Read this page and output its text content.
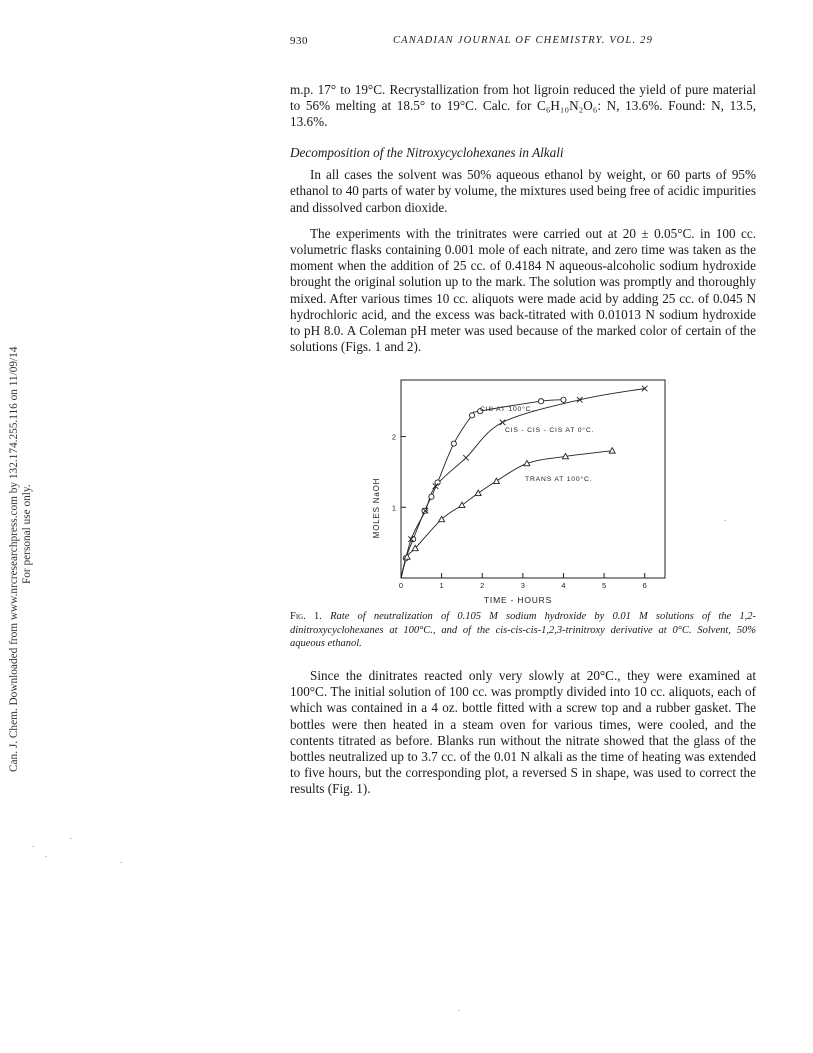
Can. J. Chem. Downloaded from www.nrcresearchpress.com by 132.174.255.116 on 11/09/14 For personal use only.
930	CANADIAN JOURNAL OF CHEMISTRY. VOL. 29

m.p. 17° to 19°C. Recrystallization from hot ligroin reduced the yield of pure material to 56% melting at 18.5° to 19°C. Calc. for C₆H₁₀N₂O₆: N, 13.6%. Found: N, 13.5, 13.6%.

Decomposition of the Nitroxycyclohexanes in Alkali

In all cases the solvent was 50% aqueous ethanol by weight, or 60 parts of 95% ethanol to 40 parts of water by volume, the mixtures used being free of acidic impurities and dissolved carbon dioxide.

The experiments with the trinitrates were carried out at 20 ± 0.05°C. in 100 cc. volumetric flasks containing 0.001 mole of each nitrate, and zero time was taken as the moment when the addition of 25 cc. of 0.4184 N aqueous-alcoholic sodium hydroxide brought the original solution up to the mark. The solution was promptly and thoroughly mixed. After various times 10 cc. aliquots were made acid by adding 25 cc. of 0.045 N hydrochloric acid, and the excess was back-titrated with 0.01013 N sodium hydroxide to pH 8.0. A Coleman pH meter was used because of the marked color of certain of the solutions (Figs. 1 and 2).

0	1	2	3	4	5	6
1
2
CIS AT 100°C.
CIS - CIS - CIS AT 0°C.
TRANS AT 100°C.
TIME - HOURS
MOLES NaOH
Fig. 1. Rate of neutralization of 0.105 M sodium hydroxide by 0.01 M solutions of the 1,2-dinitroxycyclohexanes at 100°C., and of the cis-cis-cis-1,2,3-trinitroxy derivative at 0°C. Solvent, 50% aqueous ethanol.

Since the dinitrates reacted only very slowly at 20°C., they were examined at 100°C. The initial solution of 100 cc. was promptly divided into 10 cc. aliquots, each of which was contained in a 4 oz. bottle fitted with a screw top and a rubber gasket. The bottles were then heated in a steam oven for various times, were cooled, and the contents titrated as before. Blanks run without the nitrate showed that the glass of the bottles neutralized up to 3.7 cc. of the 0.01 N alkali as the time of heating was extended to five hours, but the corresponding plot, a reversed S in shape, was used to correct the results (Fig. 1).
